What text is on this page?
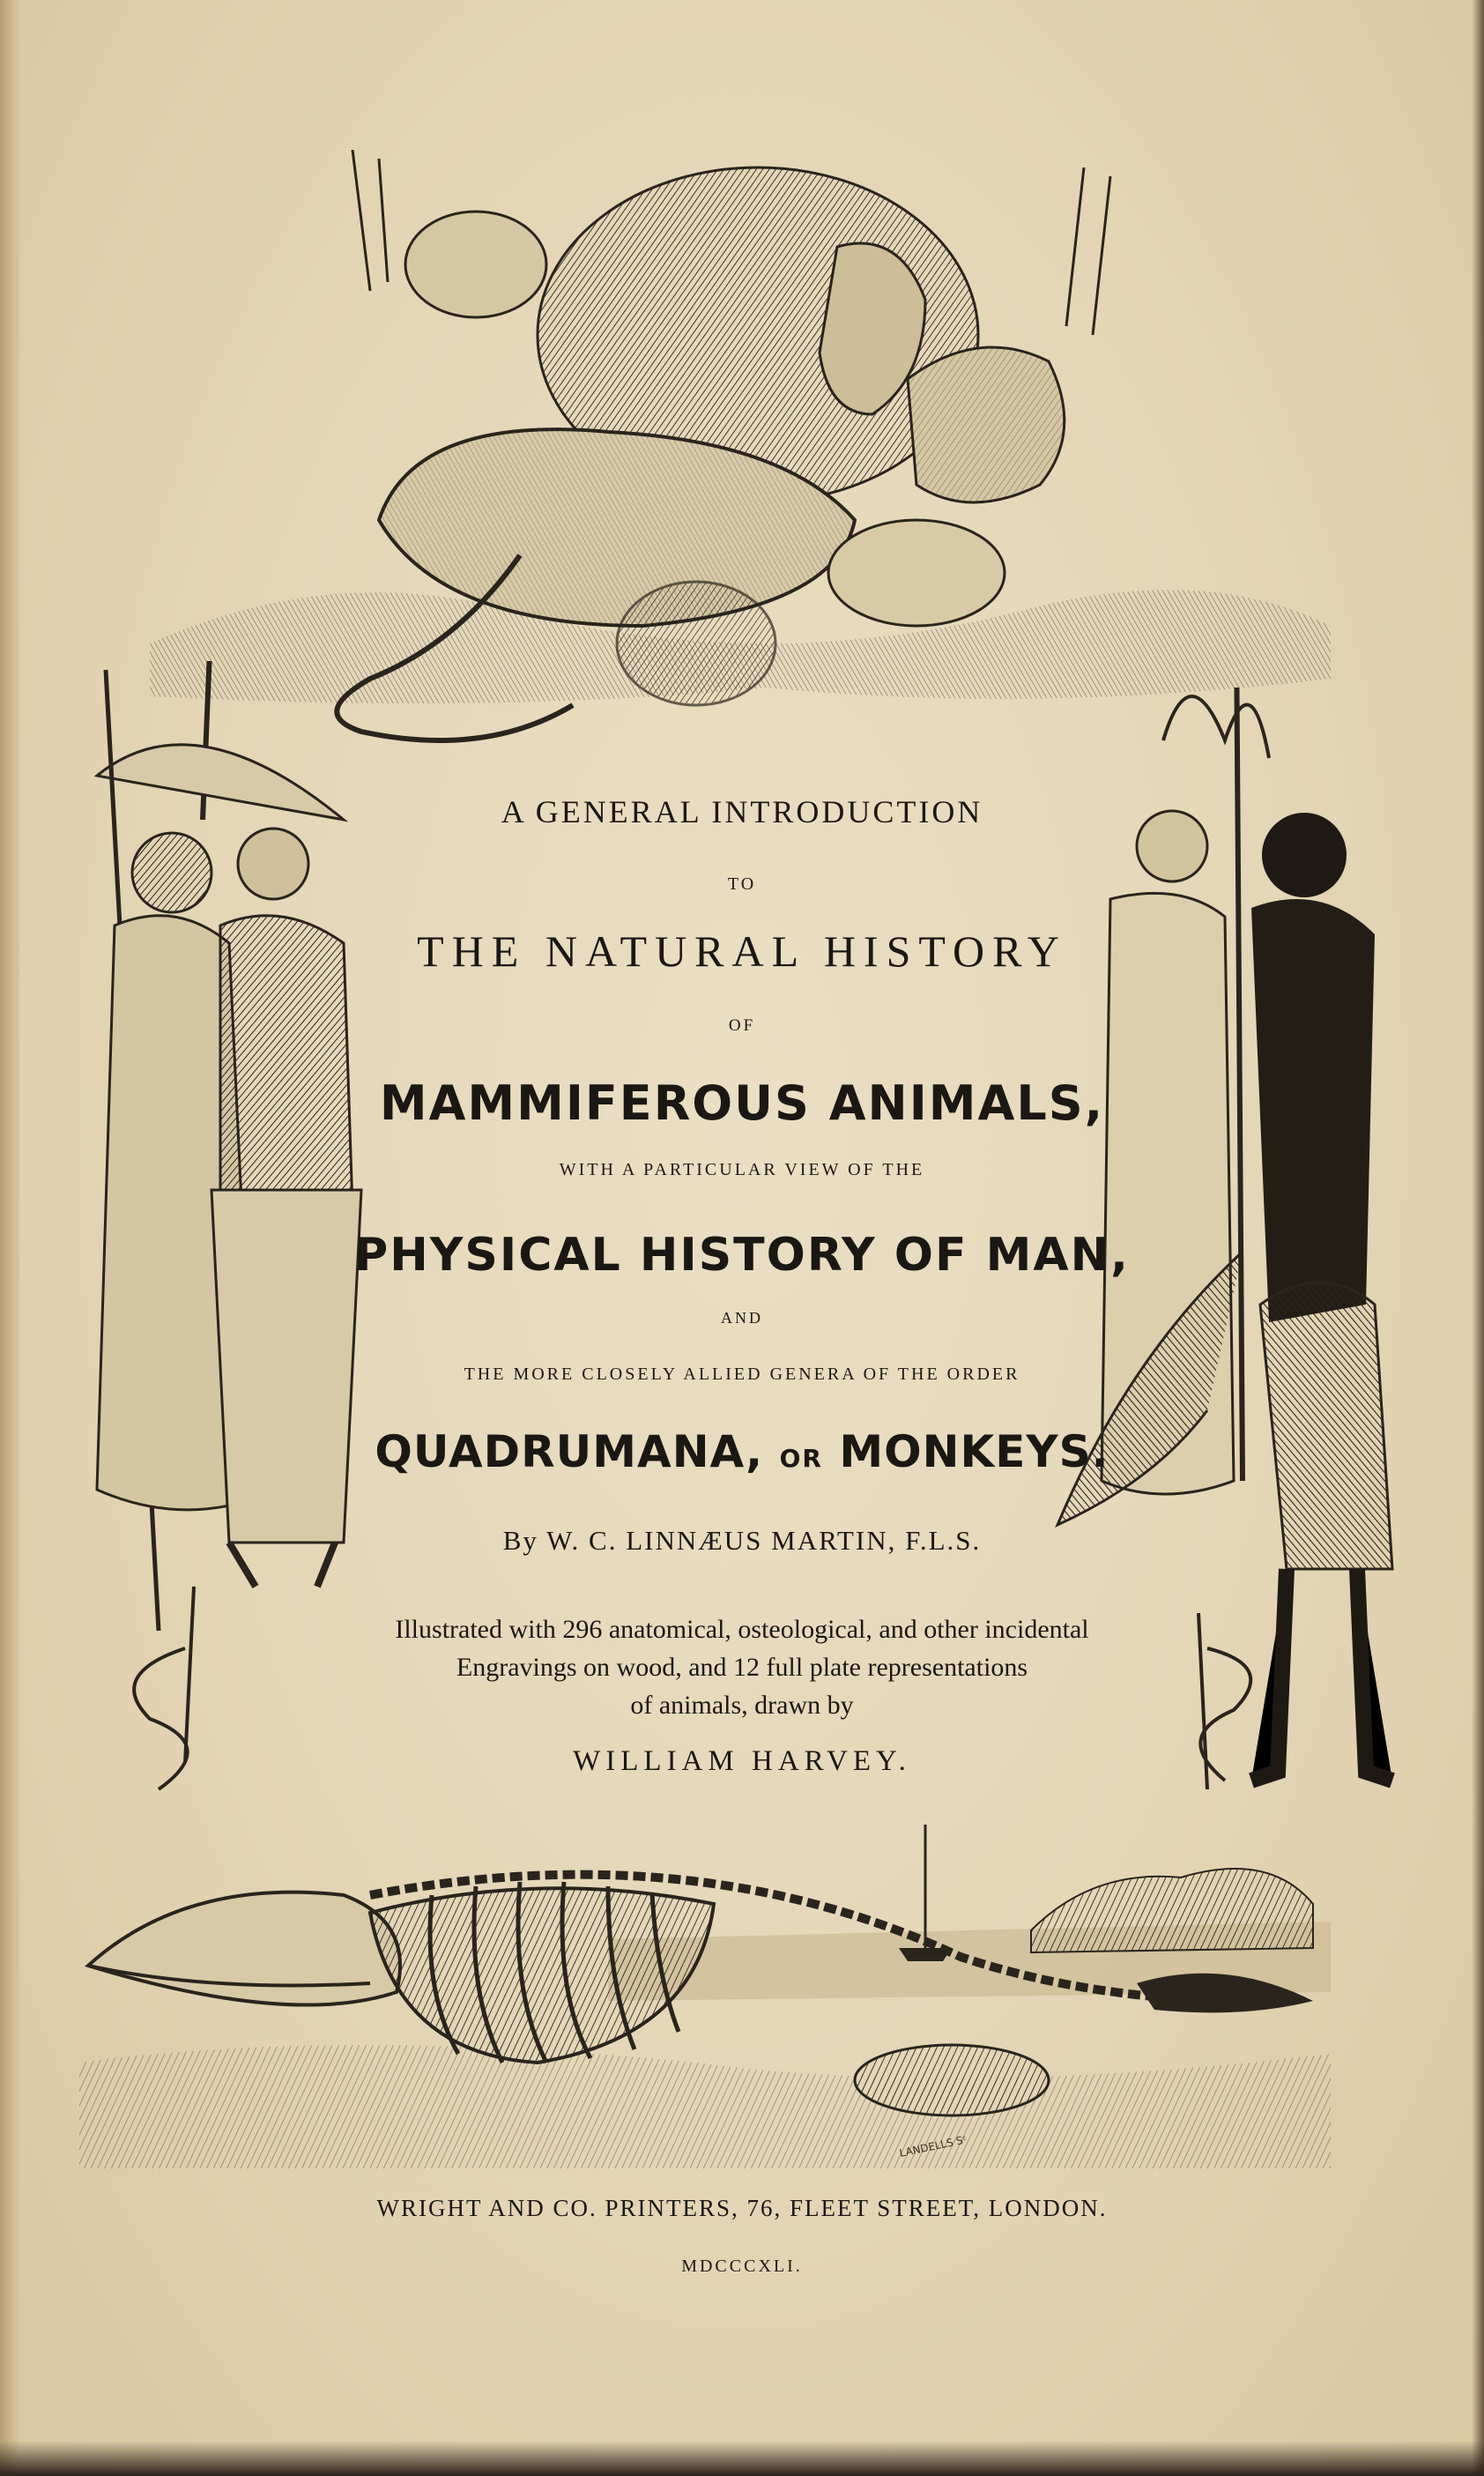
LANDELLS Sᶜ
A GENERAL INTRODUCTION
TO
THE NATURAL HISTORY
OF
MAMMIFEROUS ANIMALS,
WITH A PARTICULAR VIEW OF THE
PHYSICAL HISTORY OF MAN,
AND
THE MORE CLOSELY ALLIED GENERA OF THE ORDER
QUADRUMANA, OR MONKEYS.
By W. C. LINNÆUS MARTIN, F.L.S.
Illustrated with 296 anatomical, osteological, and other incidental
Engravings on wood, and 12 full plate representations
of animals, drawn by
WILLIAM HARVEY.
WRIGHT AND CO. PRINTERS, 76, FLEET STREET, LONDON.
MDCCCXLI.
